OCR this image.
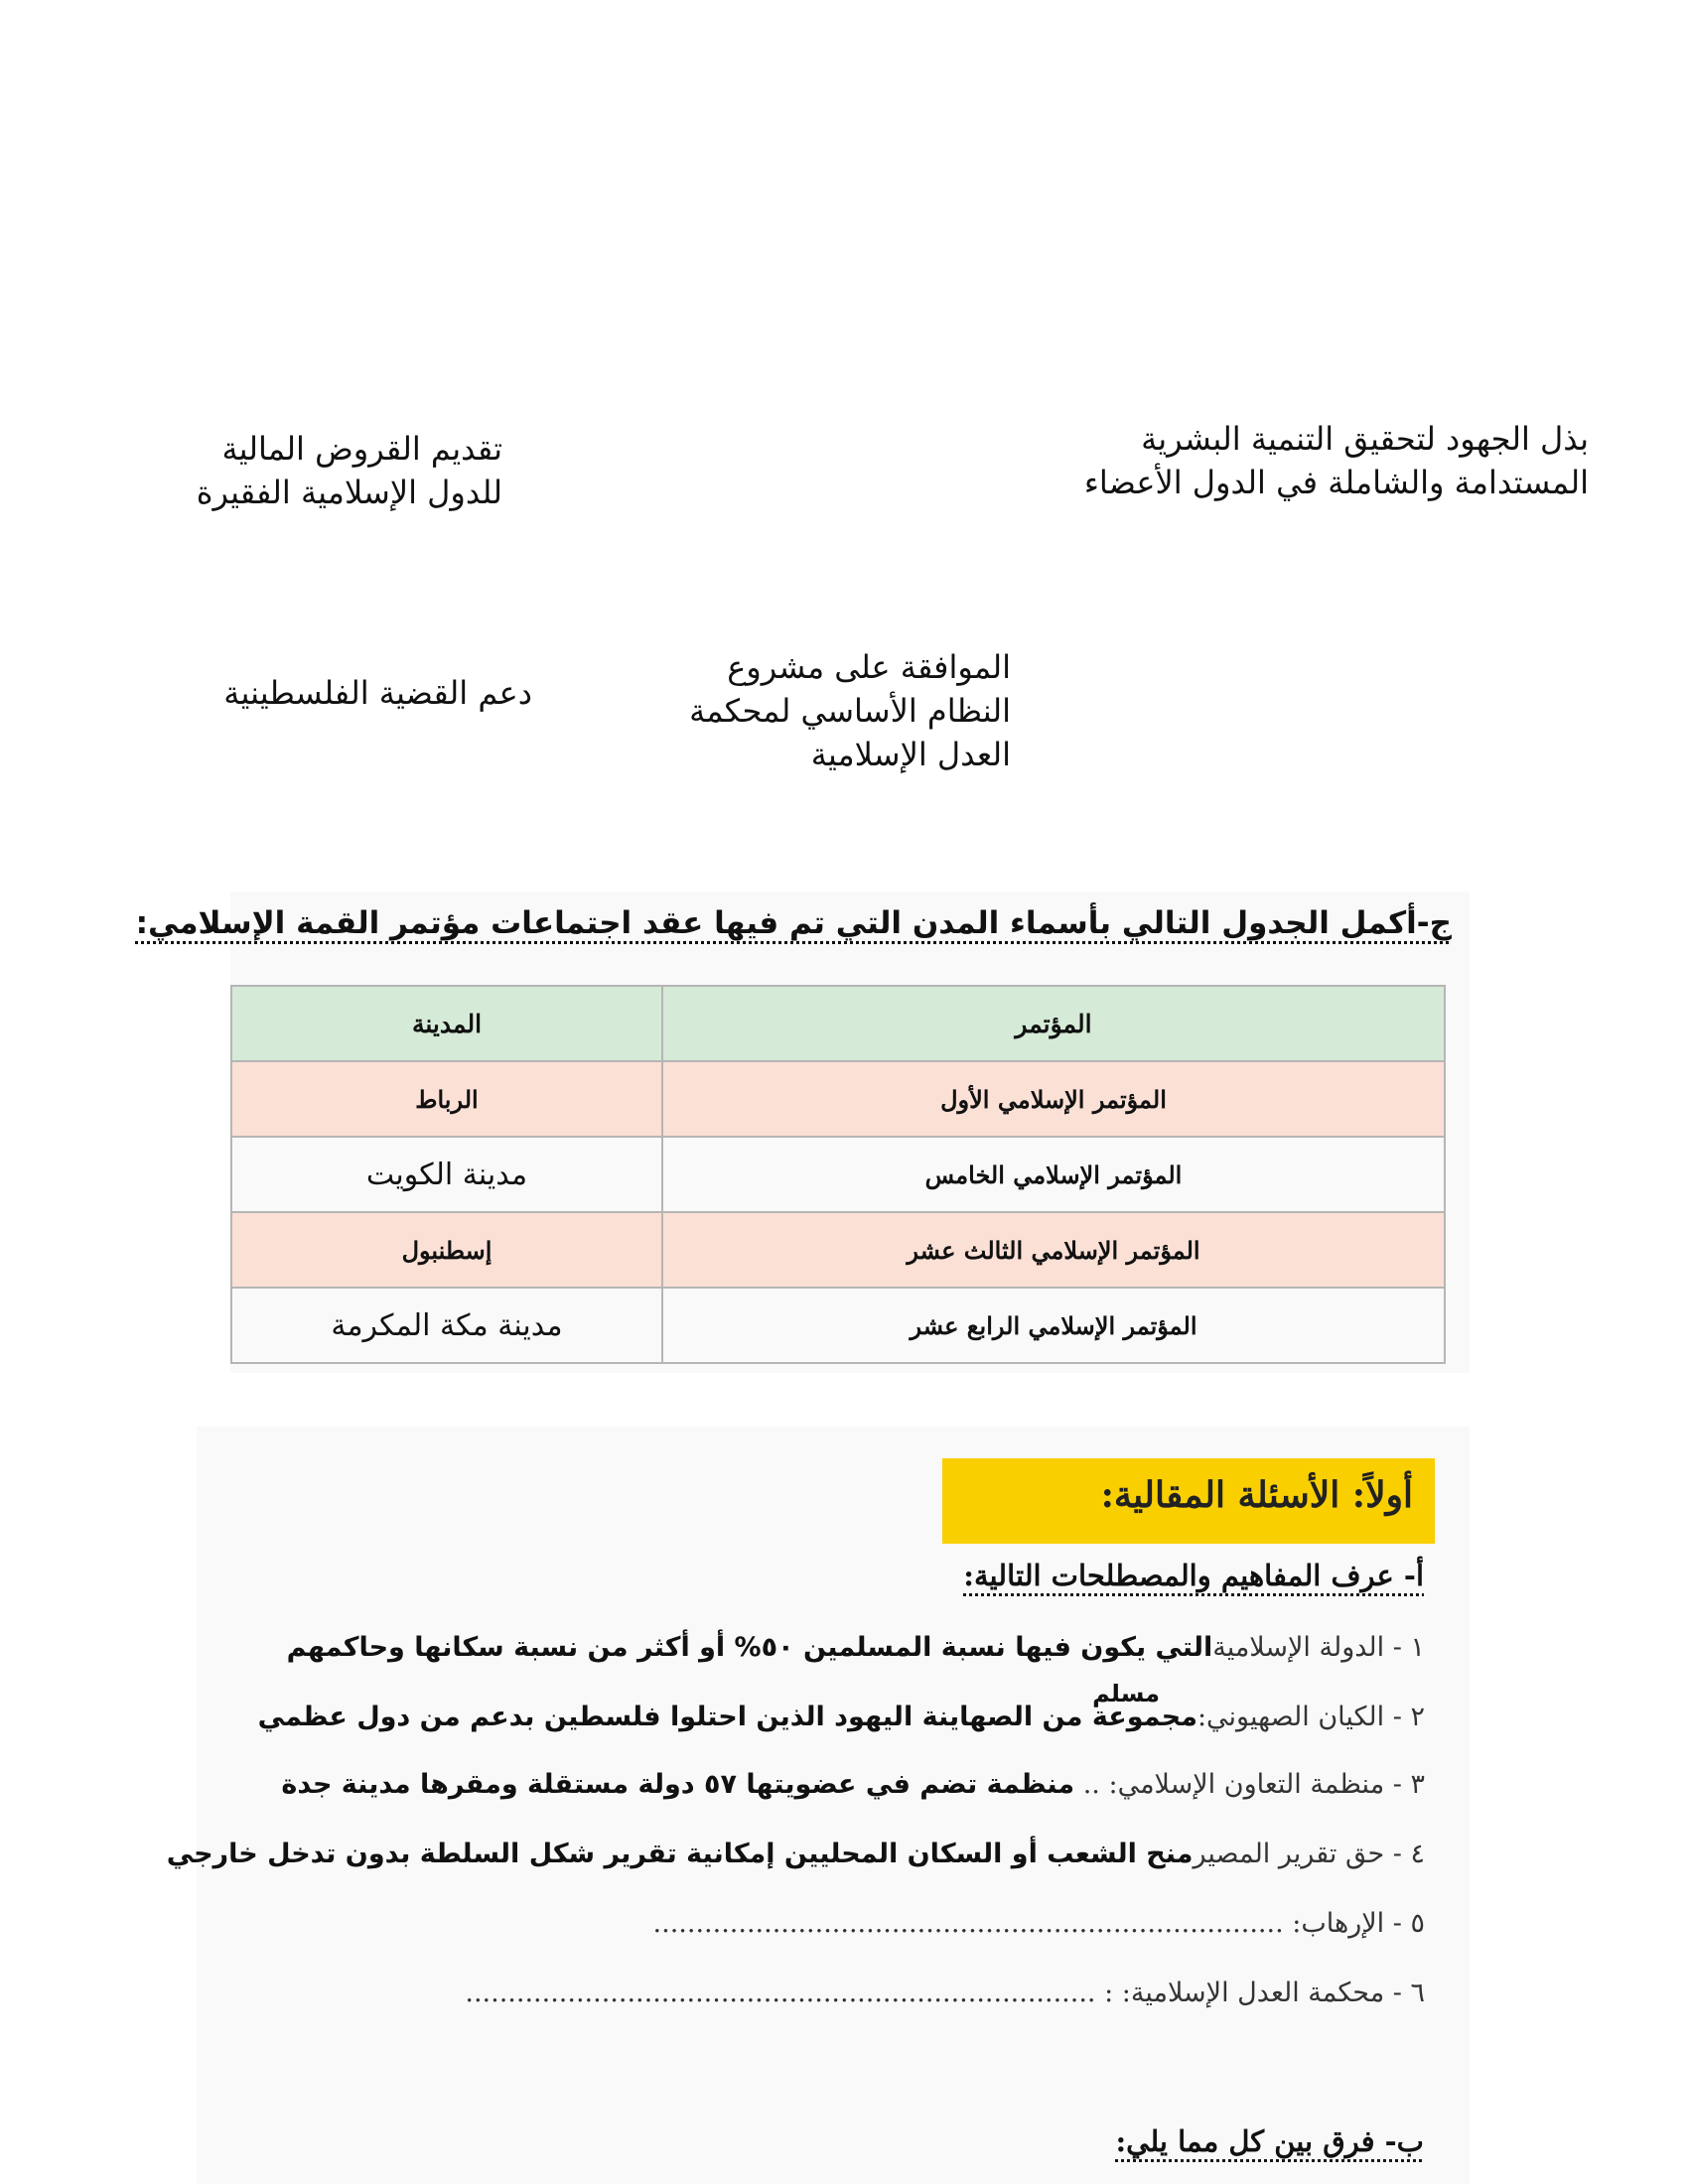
بذل الجهود لتحقيق التنمية البشرية
المستدامة والشاملة في الدول الأعضاء
تقديم القروض المالية
للدول الإسلامية الفقيرة
الموافقة على مشروع
النظام الأساسي لمحكمة
العدل الإسلامية
دعم القضية الفلسطينية
ج-أكمل الجدول التالي بأسماء المدن التي تم فيها عقد اجتماعات مؤتمر القمة الإسلامي:
المؤتمر	المدينة
المؤتمر الإسلامي الأول	الرباط
المؤتمر الإسلامي الخامس	مدينة الكويت
المؤتمر الإسلامي الثالث عشر	إسطنبول
المؤتمر الإسلامي الرابع عشر	مدينة مكة المكرمة
أولاً: الأسئلة المقالية:
أ- عرف المفاهيم والمصطلحات التالية:
١ - الدولة الإسلاميةالتي يكون فيها نسبة المسلمين ٥٠% أو أكثر من نسبة سكانها وحاكمهم
٢ - الكيان الصهيوني:مجموعة من الصهاينة اليهود الذين احتلوا فلسطين بدعم من دول عظمي
مسلم
٣ - منظمة التعاون الإسلامي: .. منظمة تضم في عضويتها ٥٧ دولة مستقلة ومقرها مدينة جدة
٤ - حق تقرير المصيرمنح الشعب أو السكان المحليين إمكانية تقرير شكل السلطة بدون تدخل خارجي
٥ - الإرهاب: ..........................................................................
٦ - محكمة العدل الإسلامية: : ..........................................................................
ب- فرق بين كل مما يلي:
